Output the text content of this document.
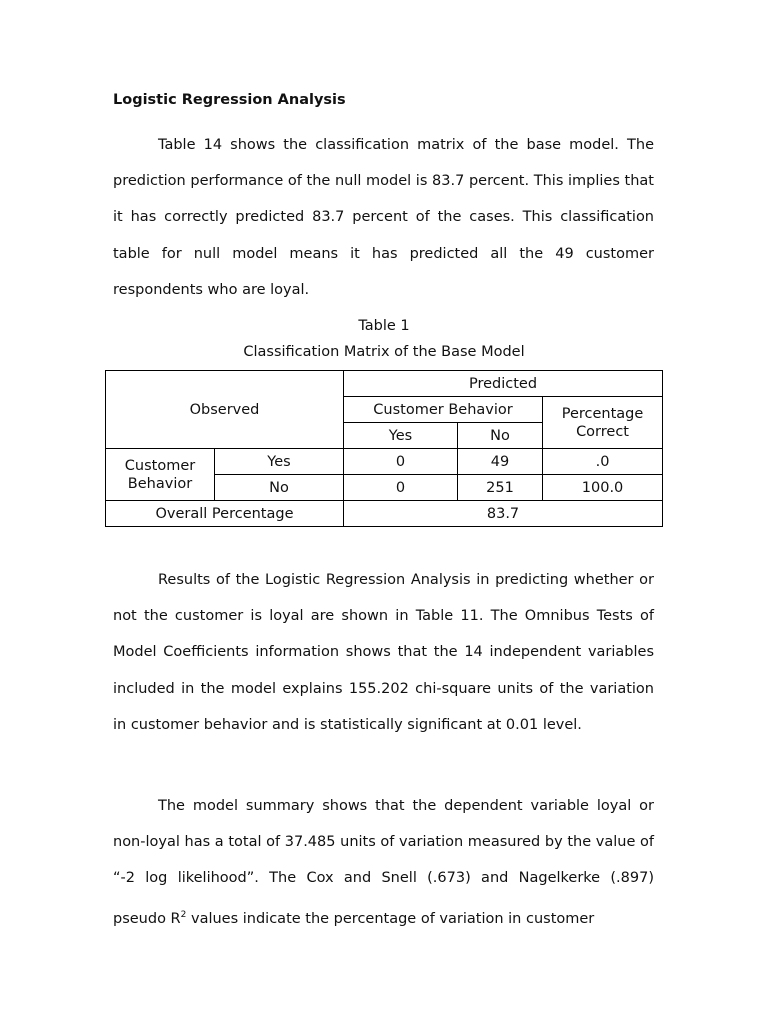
Logistic Regression Analysis

Table 14 shows the classification matrix of the base model. The prediction performance of the null model is 83.7 percent. This implies that it has correctly predicted 83.7 percent of the cases. This classification table for null model means it has predicted all the 49 customer respondents who are loyal.

Table 1

Classification Matrix of the Base Model

Observed		Predicted		
		Customer Behavior		Percentage Correct
		Yes	No	
Customer Behavior	Yes	0	49	.0
	No	0	251	100.0
Overall Percentage		83.7		

Results of the Logistic Regression Analysis in predicting whether or not the customer is loyal are shown in Table 11. The Omnibus Tests of Model Coefficients information shows that the 14 independent variables included in the model explains 155.202 chi-square units of the variation in customer behavior and is statistically significant at 0.01 level.

The model summary shows that the dependent variable loyal or non-loyal has a total of 37.485 units of variation measured by the value of “-2 log likelihood”. The Cox and Snell (.673) and Nagelkerke (.897) pseudo $R^2$ values indicate the percentage of variation in customer
